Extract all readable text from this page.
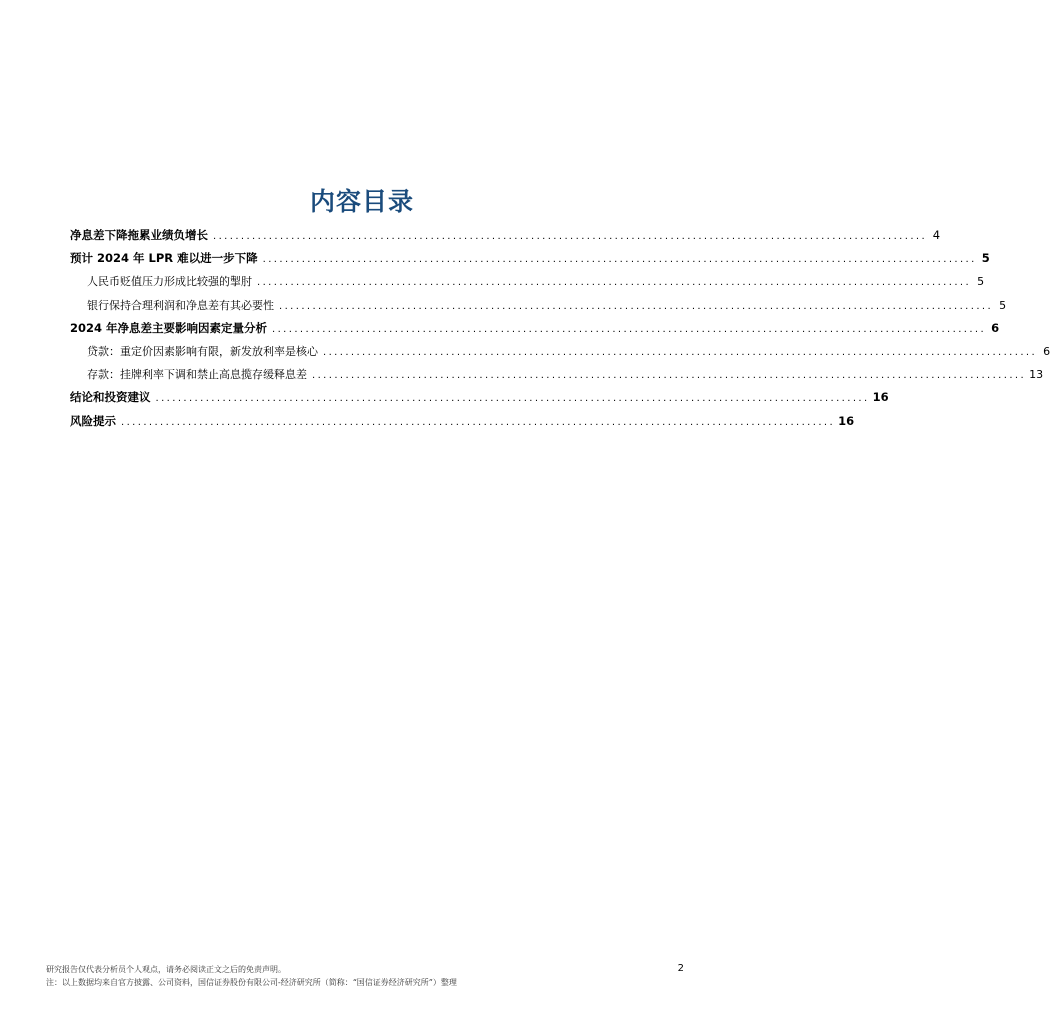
内容目录
净息差下降拖累业绩负增长 ................................................................................................................................ 4
预计 2024 年 LPR 难以进一步下降 ................................................................................................................................ 5
人民币贬值压力形成比较强的掣肘 ................................................................................................................................ 5
银行保持合理利润和净息差有其必要性 ................................................................................................................................ 5
2024 年净息差主要影响因素定量分析 ................................................................................................................................ 6
贷款：重定价因素影响有限，新发放利率是核心 ................................................................................................................................ 6
存款：挂牌利率下调和禁止高息揽存缓释息差 ................................................................................................................................ 13
结论和投资建议 ................................................................................................................................ 16
风险提示 ................................................................................................................................ 16
研究报告仅代表分析员个人观点，请务必阅读正文之后的免责声明。
注：以上数据均来自官方披露、公司资料，国信证券股份有限公司-经济研究所（简称：“国信证券经济研究所”）整理
2
